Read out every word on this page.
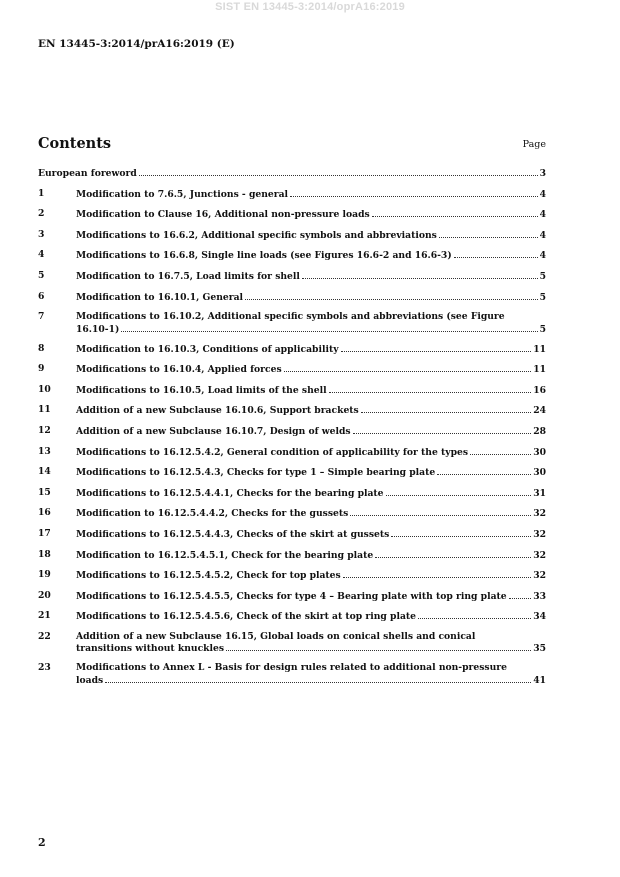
SIST EN 13445-3:2014/oprA16:2019
EN 13445-3:2014/prA16:2019 (E)
Contents	Page
European foreword	3
1	Modification to 7.6.5, Junctions - general	4
2	Modification to Clause 16, Additional non-pressure loads	4
3	Modifications to 16.6.2, Additional specific symbols and abbreviations	4
4	Modifications to 16.6.8, Single line loads (see Figures 16.6-2 and 16.6-3)	4
5	Modification to 16.7.5, Load limits for shell	5
6	Modification to 16.10.1, General	5
7	Modifications to 16.10.2, Additional specific symbols and abbreviations (see Figure
16.10-1)	5
8	Modification to 16.10.3, Conditions of applicability	11
9	Modifications to 16.10.4, Applied forces	11
10	Modifications to 16.10.5, Load limits of the shell	16
11	Addition of a new Subclause 16.10.6, Support brackets	24
12	Addition of a new Subclause 16.10.7, Design of welds	28
13	Modifications to 16.12.5.4.2, General condition of applicability for the types	30
14	Modifications to 16.12.5.4.3, Checks for type 1 – Simple bearing plate	30
15	Modifications to 16.12.5.4.4.1, Checks for the bearing plate	31
16	Modification to 16.12.5.4.4.2, Checks for the gussets	32
17	Modifications to 16.12.5.4.4.3, Checks of the skirt at gussets	32
18	Modification to 16.12.5.4.5.1, Check for the bearing plate	32
19	Modifications to 16.12.5.4.5.2, Check for top plates	32
20	Modifications to 16.12.5.4.5.5, Checks for type 4 – Bearing plate with top ring plate	33
21	Modifications to 16.12.5.4.5.6, Check of the skirt at top ring plate	34
22	Addition of a new Subclause 16.15, Global loads on conical shells and conical
transitions without knuckles	35
23	Modifications to Annex L - Basis for design rules related to additional non-pressure
loads	41
2
